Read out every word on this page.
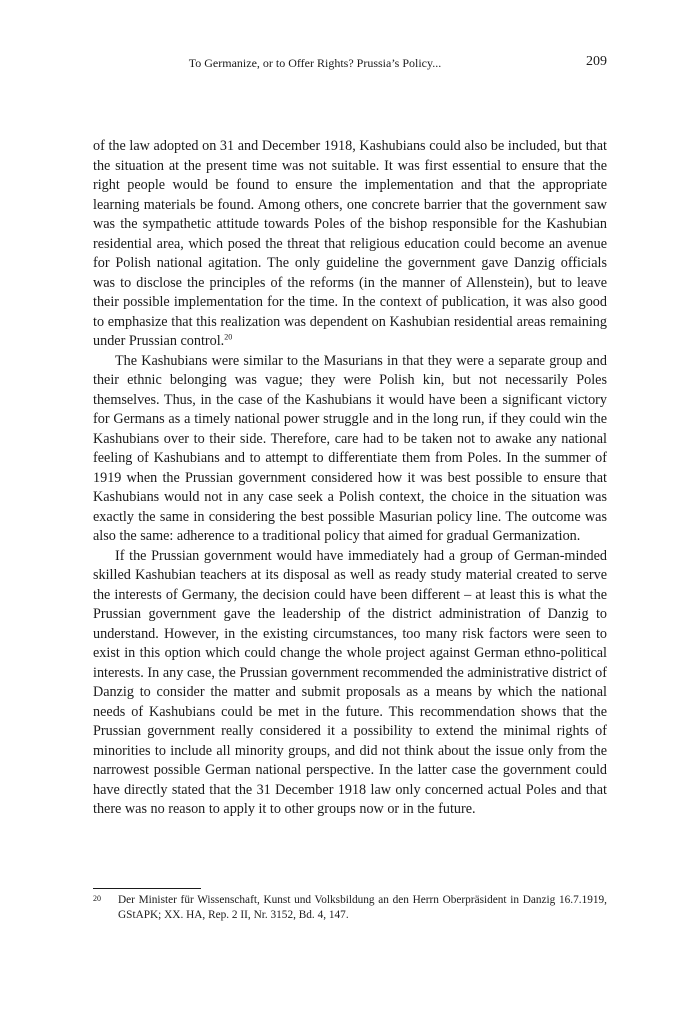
To Germanize, or to Offer Rights? Prussia’s Policy...	209

of the law adopted on 31 and December 1918, Kashubians could also be included, but that the situation at the present time was not suitable. It was first essential to ensure that the right people would be found to ensure the implementation and that the appropriate learning materials be found. Among others, one concrete barrier that the government saw was the sympathetic attitude towards Poles of the bishop responsible for the Kashubian residential area, which posed the threat that religious education could become an avenue for Polish national agitation. The only guideline the government gave Danzig officials was to disclose the principles of the reforms (in the manner of Allenstein), but to leave their possible implementation for the time. In the context of publication, it was also good to emphasize that this realization was dependent on Kashubian residential areas remaining under Prussian control.$^{20}$

The Kashubians were similar to the Masurians in that they were a separate group and their ethnic belonging was vague; they were Polish kin, but not necessarily Poles themselves. Thus, in the case of the Kashubians it would have been a significant victory for Germans as a timely national power struggle and in the long run, if they could win the Kashubians over to their side. Therefore, care had to be taken not to awake any national feeling of Kashubians and to attempt to differentiate them from Poles. In the summer of 1919 when the Prussian government considered how it was best possible to ensure that Kashubians would not in any case seek a Polish context, the choice in the situation was exactly the same in considering the best possible Masurian policy line. The outcome was also the same: adherence to a traditional policy that aimed for gradual Germanization.

If the Prussian government would have immediately had a group of German-minded skilled Kashubian teachers at its disposal as well as ready study material created to serve the interests of Germany, the decision could have been different – at least this is what the Prussian government gave the leadership of the district administration of Danzig to understand. However, in the existing circumstances, too many risk factors were seen to exist in this option which could change the whole project against German ethno-political interests. In any case, the Prussian government recommended the administrative district of Danzig to consider the matter and submit proposals as a means by which the national needs of Kashubians could be met in the future. This recommendation shows that the Prussian government really considered it a possibility to extend the minimal rights of minorities to include all minority groups, and did not think about the issue only from the narrowest possible German national perspective. In the latter case the government could have directly stated that the 31 December 1918 law only concerned actual Poles and that there was no reason to apply it to other groups now or in the future.

20 Der Minister für Wissenschaft, Kunst und Volksbildung an den Herrn Oberpräsident in Danzig 16.7.1919, GStAPK; XX. HA, Rep. 2 II, Nr. 3152, Bd. 4, 147.
